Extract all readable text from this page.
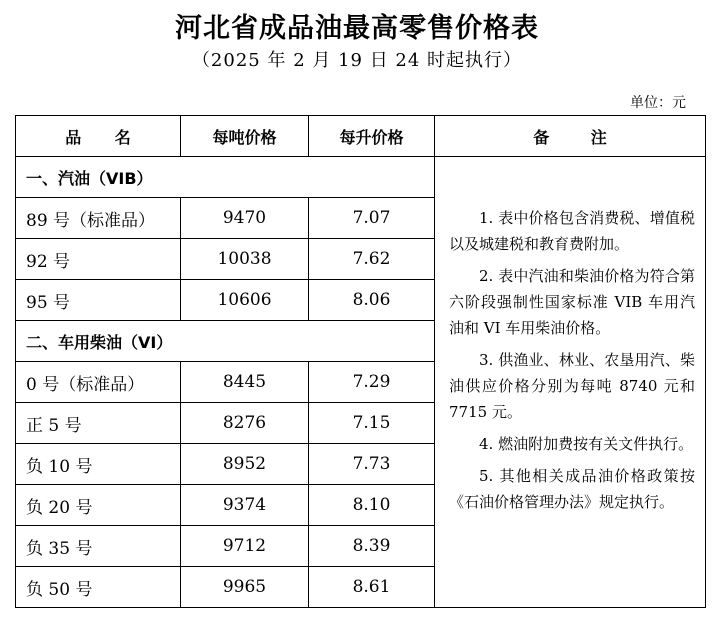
河北省成品油最高零售价格表
（2025 年 2 月 19 日 24 时起执行）
单位：元
品 名	每吨价格	每升价格	备 注
一、汽油（VIB）			1. 表中价格包含消费税、增值税以及城建税和教育费附加。

2. 表中汽油和柴油价格为符合第六阶段强制性国家标准 VIB 车用汽油和 VI 车用柴油价格。

3. 供渔业、林业、农垦用汽、柴油供应价格分别为每吨 8740 元和 7715 元。

4. 燃油附加费按有关文件执行。

5. 其他相关成品油价格政策按《石油价格管理办法》规定执行。

89 号（标准品）	9470	7.07	
92 号	10038	7.62	
95 号	10606	8.06	
二、车用柴油（VI）			
0 号（标准品）	8445	7.29	
正 5 号	8276	7.15	
负 10 号	8952	7.73	
负 20 号	9374	8.10	
负 35 号	9712	8.39	
负 50 号	9965	8.61	
